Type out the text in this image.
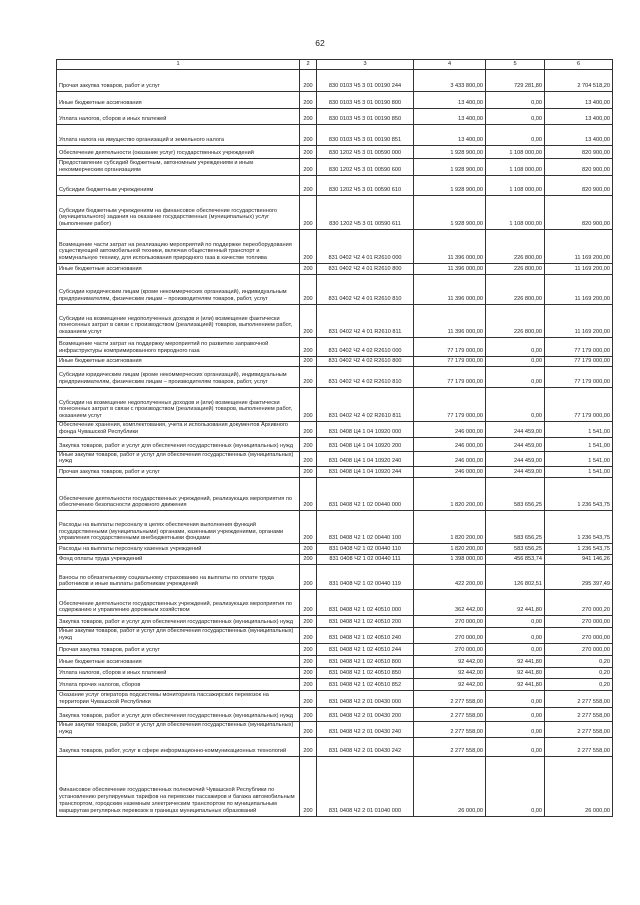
62
1	2	3	4	5	6
Прочая закупка товаров, работ и услуг	200	830 0103 Ч5 3 01 00190 244	3 433 800,00	729 281,80	2 704 518,20
Иные бюджетные ассигнования	200	830 0103 Ч5 3 01 00190 800	13 400,00	0,00	13 400,00
Уплата налогов, сборов и иных платежей	200	830 0103 Ч5 3 01 00190 850	13 400,00	0,00	13 400,00
Уплата налога на имущество организаций и земельного налога	200	830 0103 Ч5 3 01 00190 851	13 400,00	0,00	13 400,00
Обеспечение деятельности (оказание услуг) государственных учреждений	200	830 1202 Ч5 3 01 00590 000	1 928 900,00	1 108 000,00	820 900,00
Предоставление субсидий бюджетным, автономным учреждениям и иным некоммерческим организациям	200	830 1202 Ч5 3 01 00590 600	1 928 900,00	1 108 000,00	820 900,00
Субсидии бюджетным учреждениям	200	830 1202 Ч5 3 01 00590 610	1 928 900,00	1 108 000,00	820 900,00
Субсидии бюджетным учреждениям на финансовое обеспечение государственного (муниципального) задания на оказание государственных (муниципальных) услуг (выполнение работ)	200	830 1202 Ч5 3 01 00590 611	1 928 900,00	1 108 000,00	820 900,00
Возмещение части затрат на реализацию мероприятий по поддержке переоборудования существующей автомобильной техники, включая общественный транспорт и коммунальную технику, для использования природного газа в качестве топлива	200	831 0402 Ч2 4 01 R2610 000	11 396 000,00	226 800,00	11 169 200,00
Иные бюджетные ассигнования	200	831 0402 Ч2 4 01 R2610 800	11 396 000,00	226 800,00	11 169 200,00
Субсидии юридическим лицам (кроме некоммерческих организаций), индивидуальным предпринимателям, физическим лицам – производителям товаров, работ, услуг	200	831 0402 Ч2 4 01 R2610 810	11 396 000,00	226 800,00	11 169 200,00
Субсидии на возмещение недополученных доходов и (или) возмещение фактически понесенных затрат в связи с производством (реализацией) товаров, выполнением работ, оказанием услуг	200	831 0402 Ч2 4 01 R2610 811	11 396 000,00	226 800,00	11 169 200,00
Возмещение части затрат на поддержку мероприятий по развитию заправочной инфраструктуры компримированного природного газа	200	831 0402 Ч2 4 02 R2610 000	77 179 000,00	0,00	77 179 000,00
Иные бюджетные ассигнования	200	831 0402 Ч2 4 02 R2610 800	77 179 000,00	0,00	77 179 000,00
Субсидии юридическим лицам (кроме некоммерческих организаций), индивидуальным предпринимателям, физическим лицам – производителям товаров, работ, услуг	200	831 0402 Ч2 4 02 R2610 810	77 179 000,00	0,00	77 179 000,00
Субсидии на возмещение недополученных доходов и (или) возмещение фактически понесенных затрат в связи с производством (реализацией) товаров, выполнением работ, оказанием услуг	200	831 0402 Ч2 4 02 R2610 811	77 179 000,00	0,00	77 179 000,00
Обеспечение хранения, комплектования, учета и использования документов Архивного фонда Чувашской Республики	200	831 0408 Ц4 1 04 10920 000	246 000,00	244 459,00	1 541,00
Закупка товаров, работ и услуг для обеспечения государственных (муниципальных) нужд	200	831 0408 Ц4 1 04 10920 200	246 000,00	244 459,00	1 541,00
Иные закупки товаров, работ и услуг для обеспечения государственных (муниципальных) нужд	200	831 0408 Ц4 1 04 10920 240	246 000,00	244 459,00	1 541,00
Прочая закупка товаров, работ и услуг	200	831 0408 Ц4 1 04 10920 244	246 000,00	244 459,00	1 541,00
Обеспечение деятельности государственных учреждений, реализующих мероприятия по обеспечению безопасности дорожного движения	200	831 0408 Ч2 1 02 00440 000	1 820 200,00	583 656,25	1 236 543,75
Расходы на выплаты персоналу в целях обеспечения выполнения функций государственными (муниципальными) органами, казенными учреждениями, органами управления государственными внебюджетными фондами	200	831 0408 Ч2 1 02 00440 100	1 820 200,00	583 656,25	1 236 543,75
Расходы на выплаты персоналу казенных учреждений	200	831 0408 Ч2 1 02 00440 110	1 820 200,00	583 656,25	1 236 543,75
Фонд оплаты труда учреждений	200	831 0408 Ч2 1 02 00440 111	1 398 000,00	456 853,74	941 146,26
Взносы по обязательному социальному страхованию на выплаты по оплате труда работников и иные выплаты работникам учреждений	200	831 0408 Ч2 1 02 00440 119	422 200,00	126 802,51	295 397,49
Обеспечение деятельности государственных учреждений, реализующих мероприятия по содержанию и управлению дорожным хозяйством	200	831 0408 Ч2 1 02 40510 000	362 442,00	92 441,80	270 000,20
Закупка товаров, работ и услуг для обеспечения государственных (муниципальных) нужд	200	831 0408 Ч2 1 02 40510 200	270 000,00	0,00	270 000,00
Иные закупки товаров, работ и услуг для обеспечения государственных (муниципальных) нужд	200	831 0408 Ч2 1 02 40510 240	270 000,00	0,00	270 000,00
Прочая закупка товаров, работ и услуг	200	831 0408 Ч2 1 02 40510 244	270 000,00	0,00	270 000,00
Иные бюджетные ассигнования	200	831 0408 Ч2 1 02 40510 800	92 442,00	92 441,80	0,20
Уплата налогов, сборов и иных платежей	200	831 0408 Ч2 1 02 40510 850	92 442,00	92 441,80	0,20
Уплата прочих налогов, сборов	200	831 0408 Ч2 1 02 40510 852	92 442,00	92 441,80	0,20
Оказание услуг оператора подсистемы мониторинга пассажирских перевозок на территории Чувашской Республики	200	831 0408 Ч2 2 01 00430 000	2 277 558,00	0,00	2 277 558,00
Закупка товаров, работ и услуг для обеспечения государственных (муниципальных) нужд	200	831 0408 Ч2 2 01 00430 200	2 277 558,00	0,00	2 277 558,00
Иные закупки товаров, работ и услуг для обеспечения государственных (муниципальных) нужд	200	831 0408 Ч2 2 01 00430 240	2 277 558,00	0,00	2 277 558,00
Закупка товаров, работ, услуг в сфере информационно-коммуникационных технологий	200	831 0408 Ч2 2 01 00430 242	2 277 558,00	0,00	2 277 558,00
Финансовое обеспечение государственных полномочий Чувашской Республики по установлению регулируемых тарифов на перевозки пассажиров и багажа автомобильным транспортом, городским наземным электрическим транспортом по муниципальным маршрутам регулярных перевозок в границах муниципальных образований	200	831 0408 Ч2 2 01 01040 000	26 000,00	0,00	26 000,00
